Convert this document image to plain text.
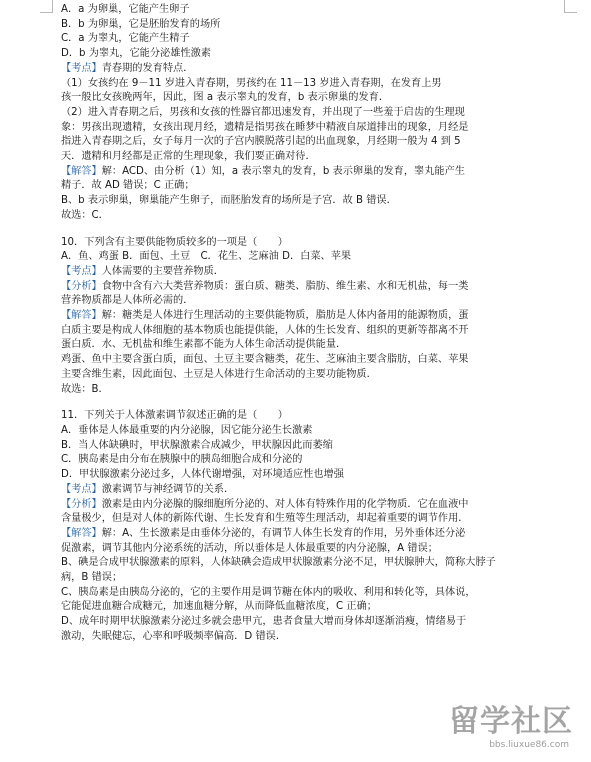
A．a 为卵巢，它能产生卵子
B．b 为卵巢，它是胚胎发育的场所
C．a 为睾丸，它能产生精子
D．b 为睾丸，它能分泌雄性激素
【考点】青春期的发育特点．
（1）女孩约在 9－11 岁进入青春期，男孩约在 11－13 岁进入青春期，在发育上男
孩一般比女孩晚两年，因此，图 a 表示睾丸的发育，b 表示卵巢的发育．
（2）进入青春期之后，男孩和女孩的性器官都迅速发育，并出现了一些羞于启齿的生理现
象：男孩出现遗精，女孩出现月经，遗精是指男孩在睡梦中精液自尿道排出的现象，月经是
指进入青春期之后，女子每月一次的子宫内膜脱落引起的出血现象，月经期一般为 4 到 5
天．遗精和月经都是正常的生理现象，我们要正确对待．
【解答】解：ACD、由分析（1）知，a 表示睾丸的发育，b 表示卵巢的发育，睾丸能产生
精子．故 AD 错误；C 正确；
B、b 表示卵巢，卵巢能产生卵子，而胚胎发育的场所是子宫．故 B 错误．
故选：C．
10．下列含有主要供能物质较多的一项是（　　）
A．鱼、鸡蛋 B．面包、土豆　C．花生、芝麻油 D．白菜、苹果
【考点】人体需要的主要营养物质．
【分析】食物中含有六大类营养物质：蛋白质、糖类、脂肪、维生素、水和无机盐，每一类
营养物质都是人体所必需的．
【解答】解：糖类是人体进行生理活动的主要供能物质，脂肪是人体内备用的能源物质，蛋
白质主要是构成人体细胞的基本物质也能提供能，人体的生长发育、组织的更新等都离不开
蛋白质．水、无机盐和维生素都不能为人体生命活动提供能量．
鸡蛋、鱼中主要含蛋白质，面包、土豆主要含糖类，花生、芝麻油主要含脂肪，白菜、苹果
主要含维生素，因此面包、土豆是人体进行生命活动的主要功能物质．
故选：B．
11．下列关于人体激素调节叙述正确的是（　　）
A．垂体是人体最重要的内分泌腺，因它能分泌生长激素
B．当人体缺碘时，甲状腺激素合成减少，甲状腺因此而萎缩
C．胰岛素是由分布在胰腺中的胰岛细胞合成和分泌的
D．甲状腺激素分泌过多，人体代谢增强，对环境适应性也增强
【考点】激素调节与神经调节的关系．
【分析】激素是由内分泌腺的腺细胞所分泌的、对人体有特殊作用的化学物质．它在血液中
含量极少，但是对人体的新陈代谢、生长发育和生殖等生理活动，却起着重要的调节作用．
【解答】解：A、生长激素是由垂体分泌的，有调节人体生长发育的作用，另外垂体还分泌
促激素，调节其他内分泌系统的活动，所以垂体是人体最重要的内分泌腺，A 错误；
B、碘是合成甲状腺激素的原料，人体缺碘会造成甲状腺激素分泌不足，甲状腺肿大，简称大脖子
病，B 错误；
C、胰岛素是由胰岛分泌的，它的主要作用是调节糖在体内的吸收、利用和转化等，具体说，
它能促进血糖合成糖元，加速血糖分解，从而降低血糖浓度，C 正确；
D、成年时期甲状腺激素分泌过多就会患甲亢，患者食量大增而身体却逐渐消瘦，情绪易于
激动，失眠健忘，心率和呼吸频率偏高．D 错误．
留学社区
bbs.liuxue86.com
